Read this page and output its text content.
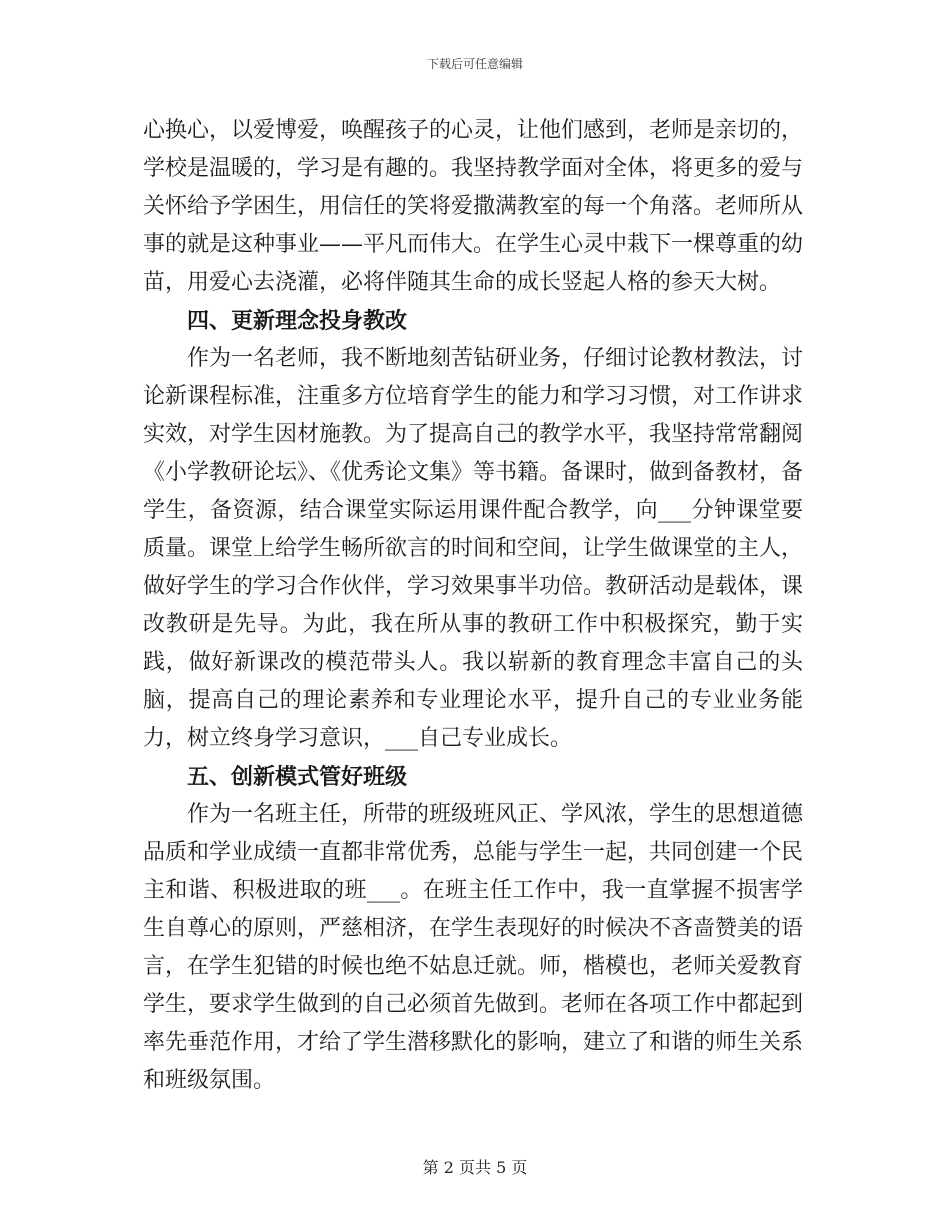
下载后可任意编辑

心换心，以爱博爱，唤醒孩子的心灵，让他们感到，老师是亲切的，学校是温暖的，学习是有趣的。我坚持教学面对全体，将更多的爱与关怀给予学困生，用信任的笑将爱撒满教室的每一个角落。老师所从事的就是这种事业——平凡而伟大。在学生心灵中栽下一棵尊重的幼苗，用爱心去浇灌，必将伴随其生命的成长竖起人格的参天大树。

四、更新理念投身教改

作为一名老师，我不断地刻苦钻研业务，仔细讨论教材教法，讨论新课程标准，注重多方位培育学生的能力和学习习惯，对工作讲求实效，对学生因材施教。为了提高自己的教学水平，我坚持常常翻阅《小学教研论坛》、《优秀论文集》等书籍。备课时，做到备教材，备学生，备资源，结合课堂实际运用课件配合教学，向___分钟课堂要质量。课堂上给学生畅所欲言的时间和空间，让学生做课堂的主人，做好学生的学习合作伙伴，学习效果事半功倍。教研活动是载体，课改教研是先导。为此，我在所从事的教研工作中积极探究，勤于实践，做好新课改的模范带头人。我以崭新的教育理念丰富自己的头脑，提高自己的理论素养和专业理论水平，提升自己的专业业务能力，树立终身学习意识，___自己专业成长。

五、创新模式管好班级

作为一名班主任，所带的班级班风正、学风浓，学生的思想道德品质和学业成绩一直都非常优秀，总能与学生一起，共同创建一个民主和谐、积极进取的班___。在班主任工作中，我一直掌握不损害学生自尊心的原则，严慈相济，在学生表现好的时候决不吝啬赞美的语言，在学生犯错的时候也绝不姑息迁就。师，楷模也，老师关爱教育学生，要求学生做到的自己必须首先做到。老师在各项工作中都起到率先垂范作用，才给了学生潜移默化的影响，建立了和谐的师生关系和班级氛围。

第 2 页共 5 页
